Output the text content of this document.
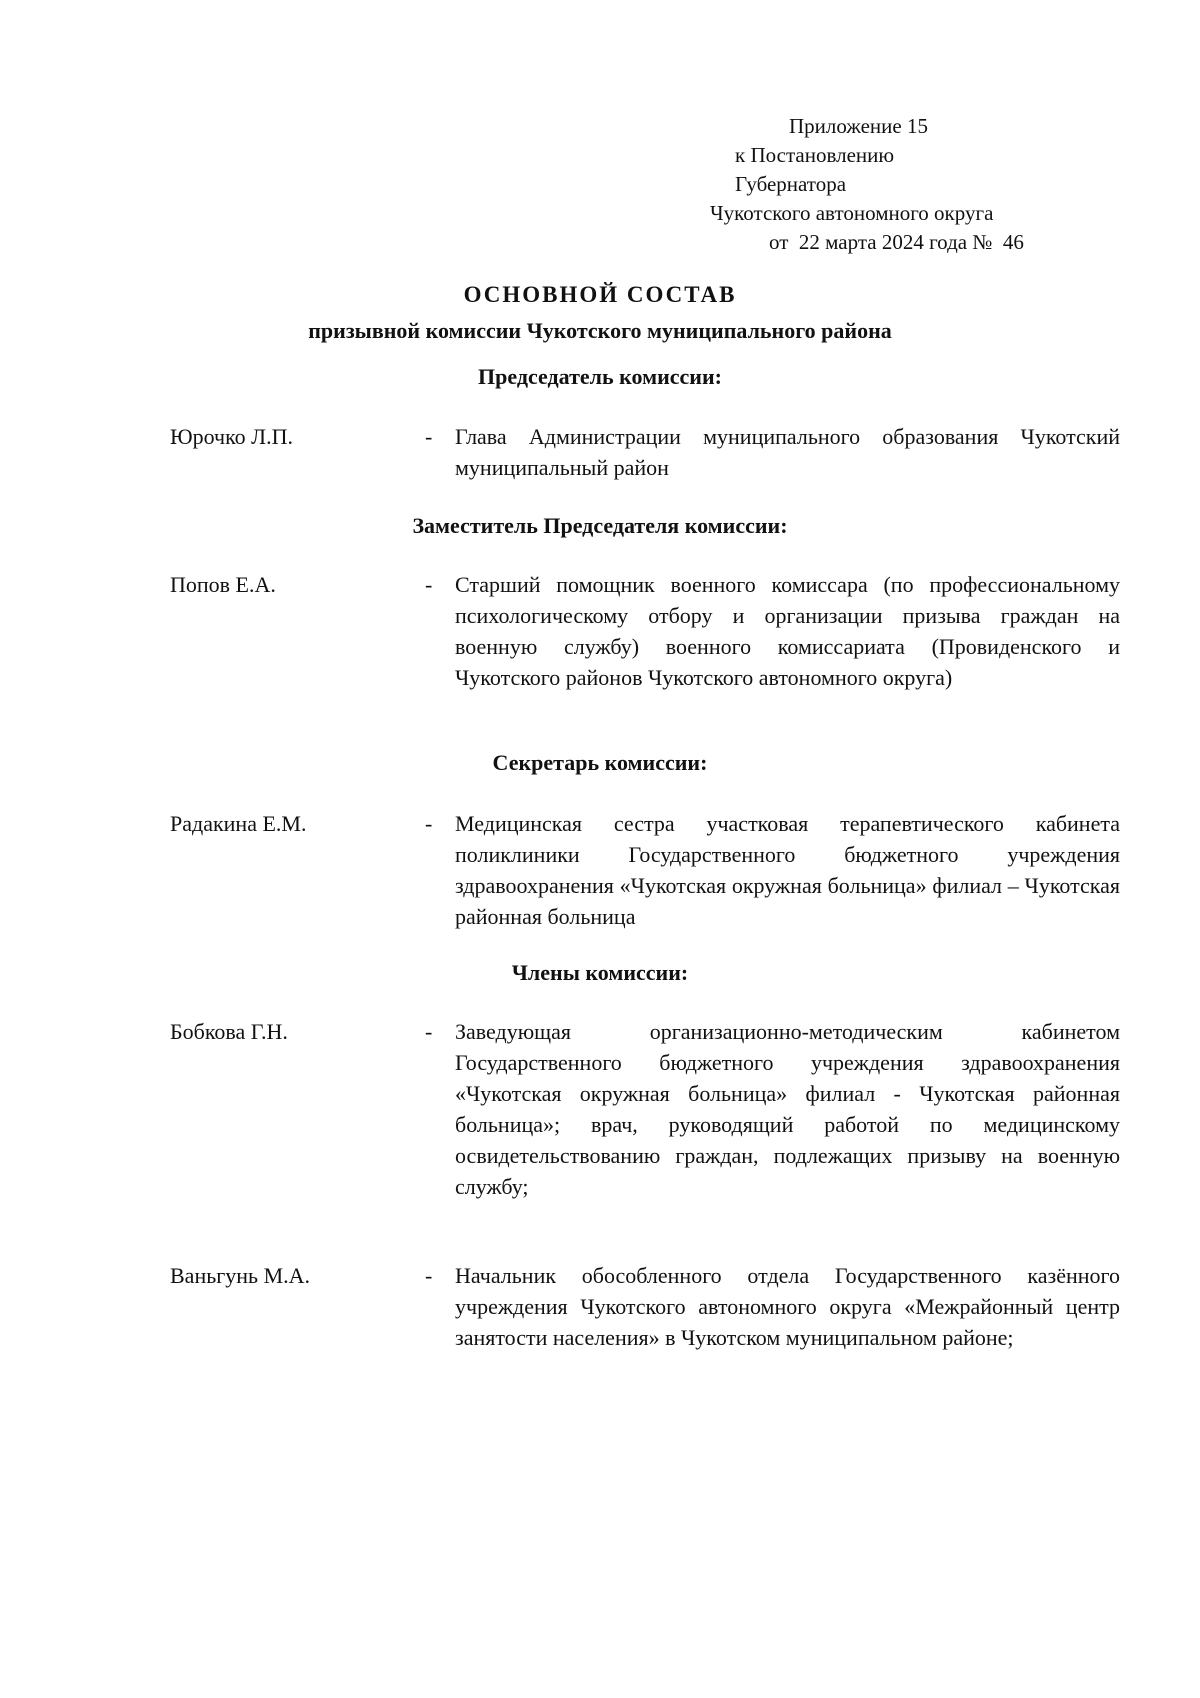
Приложение 15
к Постановлению Губернатора
Чукотского автономного округа
от  22 марта 2024 года №  46
ОСНОВНОЙ СОСТАВ
призывной комиссии Чукотского муниципального района
Председатель комиссии:
Юрочко Л.П.	- Глава Администрации муниципального образования Чукотский муниципальный район
Заместитель Председателя комиссии:
Попов Е.А.	- Старший помощник военного комиссара (по профессиональному психологическому отбору и организации призыва граждан на военную службу) военного комиссариата (Провиденского и Чукотского районов Чукотского автономного округа)
Секретарь комиссии:
Радакина Е.М.	- Медицинская сестра участковая терапевтического кабинета поликлиники Государственного бюджетного учреждения здравоохранения «Чукотская окружная больница» филиал – Чукотская районная больница
Члены комиссии:
Бобкова Г.Н.	- Заведующая организационно-методическим кабинетом Государственного бюджетного учреждения здравоохранения «Чукотская окружная больница» филиал - Чукотская районная больница»; врач, руководящий работой по медицинскому освидетельствованию граждан, подлежащих призыву на военную службу;
Ваньгунь М.А.	- Начальник обособленного отдела Государственного казённого учреждения Чукотского автономного округа «Межрайонный центр занятости населения» в Чукотском муниципальном районе;
